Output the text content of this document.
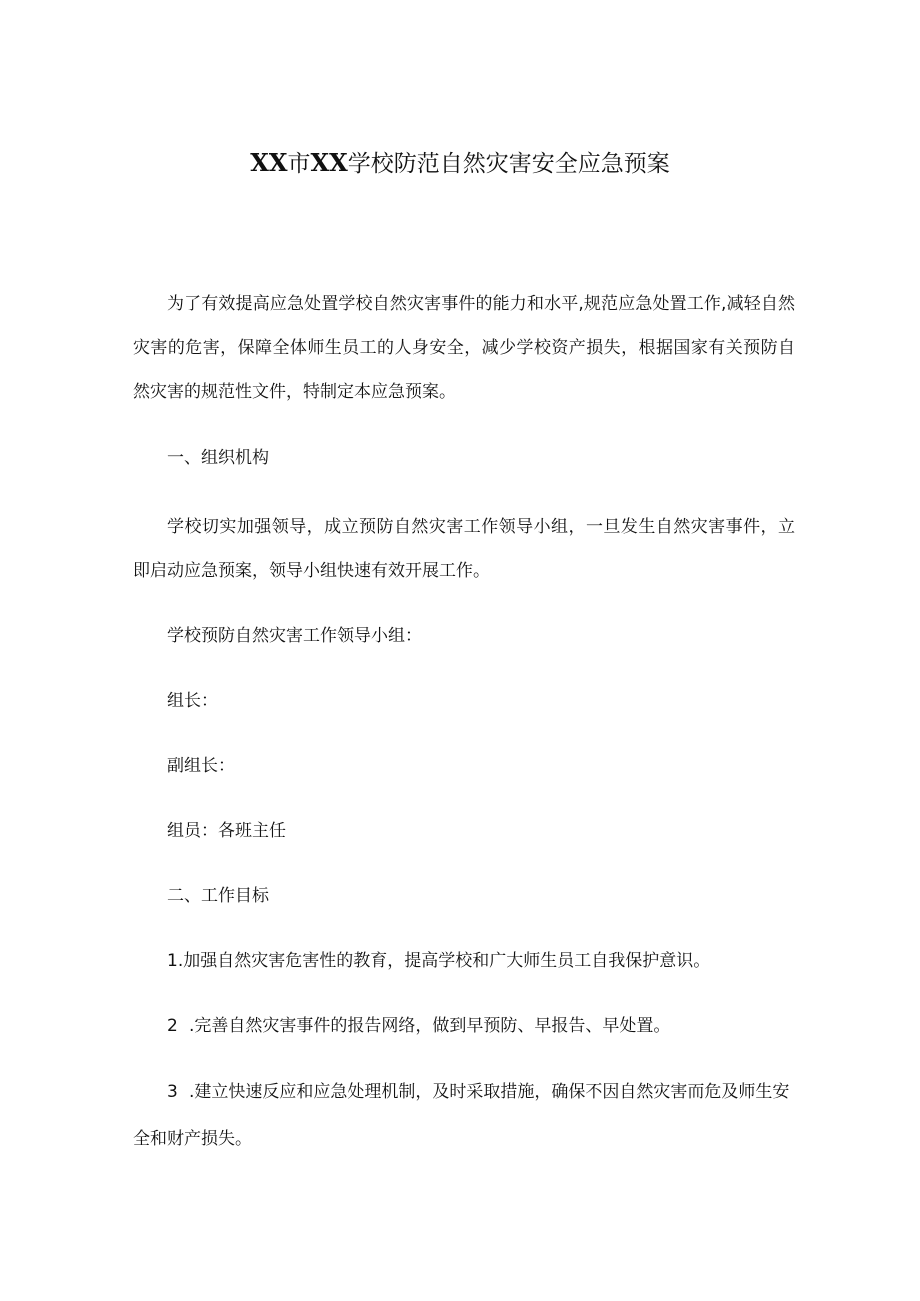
XX市XX学校防范自然灾害安全应急预案

为了有效提高应急处置学校自然灾害事件的能力和水平,规范应急处置工作,减轻自然灾害的危害，保障全体师生员工的人身安全，减少学校资产损失，根据国家有关预防自然灾害的规范性文件，特制定本应急预案。

一、组织机构

学校切实加强领导，成立预防自然灾害工作领导小组，一旦发生自然灾害事件，立即启动应急预案，领导小组快速有效开展工作。

学校预防自然灾害工作领导小组：
组长：
副组长：
组员：各班主任
二、工作目标
1.加强自然灾害危害性的教育，提高学校和广大师生员工自我保护意识。
2 .完善自然灾害事件的报告网络，做到早预防、早报告、早处置。
3 .建立快速反应和应急处理机制，及时采取措施，确保不因自然灾害而危及师生安
全和财产损失。
